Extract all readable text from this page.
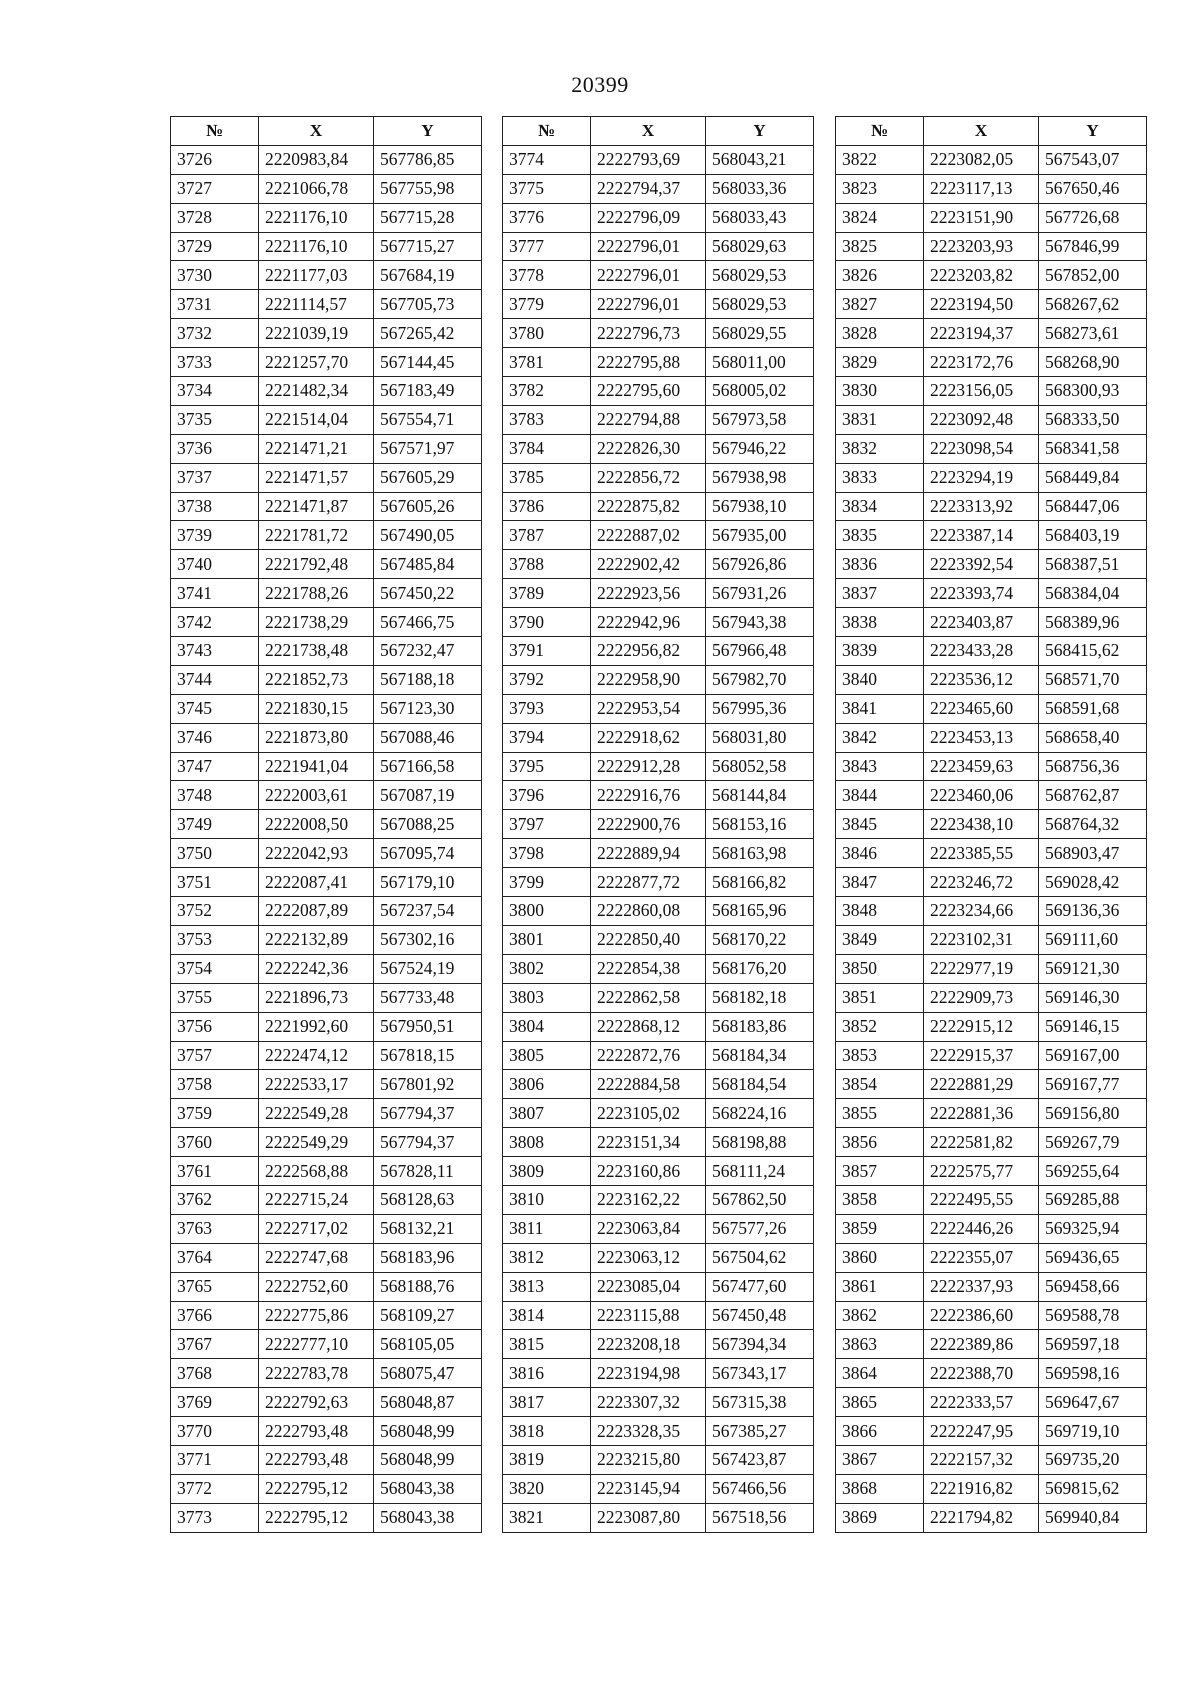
20399
№	X	Y
3726	2220983,84	567786,85
3727	2221066,78	567755,98
3728	2221176,10	567715,28
3729	2221176,10	567715,27
3730	2221177,03	567684,19
3731	2221114,57	567705,73
3732	2221039,19	567265,42
3733	2221257,70	567144,45
3734	2221482,34	567183,49
3735	2221514,04	567554,71
3736	2221471,21	567571,97
3737	2221471,57	567605,29
3738	2221471,87	567605,26
3739	2221781,72	567490,05
3740	2221792,48	567485,84
3741	2221788,26	567450,22
3742	2221738,29	567466,75
3743	2221738,48	567232,47
3744	2221852,73	567188,18
3745	2221830,15	567123,30
3746	2221873,80	567088,46
3747	2221941,04	567166,58
3748	2222003,61	567087,19
3749	2222008,50	567088,25
3750	2222042,93	567095,74
3751	2222087,41	567179,10
3752	2222087,89	567237,54
3753	2222132,89	567302,16
3754	2222242,36	567524,19
3755	2221896,73	567733,48
3756	2221992,60	567950,51
3757	2222474,12	567818,15
3758	2222533,17	567801,92
3759	2222549,28	567794,37
3760	2222549,29	567794,37
3761	2222568,88	567828,11
3762	2222715,24	568128,63
3763	2222717,02	568132,21
3764	2222747,68	568183,96
3765	2222752,60	568188,76
3766	2222775,86	568109,27
3767	2222777,10	568105,05
3768	2222783,78	568075,47
3769	2222792,63	568048,87
3770	2222793,48	568048,99
3771	2222793,48	568048,99
3772	2222795,12	568043,38
3773	2222795,12	568043,38
№	X	Y
3774	2222793,69	568043,21
3775	2222794,37	568033,36
3776	2222796,09	568033,43
3777	2222796,01	568029,63
3778	2222796,01	568029,53
3779	2222796,01	568029,53
3780	2222796,73	568029,55
3781	2222795,88	568011,00
3782	2222795,60	568005,02
3783	2222794,88	567973,58
3784	2222826,30	567946,22
3785	2222856,72	567938,98
3786	2222875,82	567938,10
3787	2222887,02	567935,00
3788	2222902,42	567926,86
3789	2222923,56	567931,26
3790	2222942,96	567943,38
3791	2222956,82	567966,48
3792	2222958,90	567982,70
3793	2222953,54	567995,36
3794	2222918,62	568031,80
3795	2222912,28	568052,58
3796	2222916,76	568144,84
3797	2222900,76	568153,16
3798	2222889,94	568163,98
3799	2222877,72	568166,82
3800	2222860,08	568165,96
3801	2222850,40	568170,22
3802	2222854,38	568176,20
3803	2222862,58	568182,18
3804	2222868,12	568183,86
3805	2222872,76	568184,34
3806	2222884,58	568184,54
3807	2223105,02	568224,16
3808	2223151,34	568198,88
3809	2223160,86	568111,24
3810	2223162,22	567862,50
3811	2223063,84	567577,26
3812	2223063,12	567504,62
3813	2223085,04	567477,60
3814	2223115,88	567450,48
3815	2223208,18	567394,34
3816	2223194,98	567343,17
3817	2223307,32	567315,38
3818	2223328,35	567385,27
3819	2223215,80	567423,87
3820	2223145,94	567466,56
3821	2223087,80	567518,56
№	X	Y
3822	2223082,05	567543,07
3823	2223117,13	567650,46
3824	2223151,90	567726,68
3825	2223203,93	567846,99
3826	2223203,82	567852,00
3827	2223194,50	568267,62
3828	2223194,37	568273,61
3829	2223172,76	568268,90
3830	2223156,05	568300,93
3831	2223092,48	568333,50
3832	2223098,54	568341,58
3833	2223294,19	568449,84
3834	2223313,92	568447,06
3835	2223387,14	568403,19
3836	2223392,54	568387,51
3837	2223393,74	568384,04
3838	2223403,87	568389,96
3839	2223433,28	568415,62
3840	2223536,12	568571,70
3841	2223465,60	568591,68
3842	2223453,13	568658,40
3843	2223459,63	568756,36
3844	2223460,06	568762,87
3845	2223438,10	568764,32
3846	2223385,55	568903,47
3847	2223246,72	569028,42
3848	2223234,66	569136,36
3849	2223102,31	569111,60
3850	2222977,19	569121,30
3851	2222909,73	569146,30
3852	2222915,12	569146,15
3853	2222915,37	569167,00
3854	2222881,29	569167,77
3855	2222881,36	569156,80
3856	2222581,82	569267,79
3857	2222575,77	569255,64
3858	2222495,55	569285,88
3859	2222446,26	569325,94
3860	2222355,07	569436,65
3861	2222337,93	569458,66
3862	2222386,60	569588,78
3863	2222389,86	569597,18
3864	2222388,70	569598,16
3865	2222333,57	569647,67
3866	2222247,95	569719,10
3867	2222157,32	569735,20
3868	2221916,82	569815,62
3869	2221794,82	569940,84
